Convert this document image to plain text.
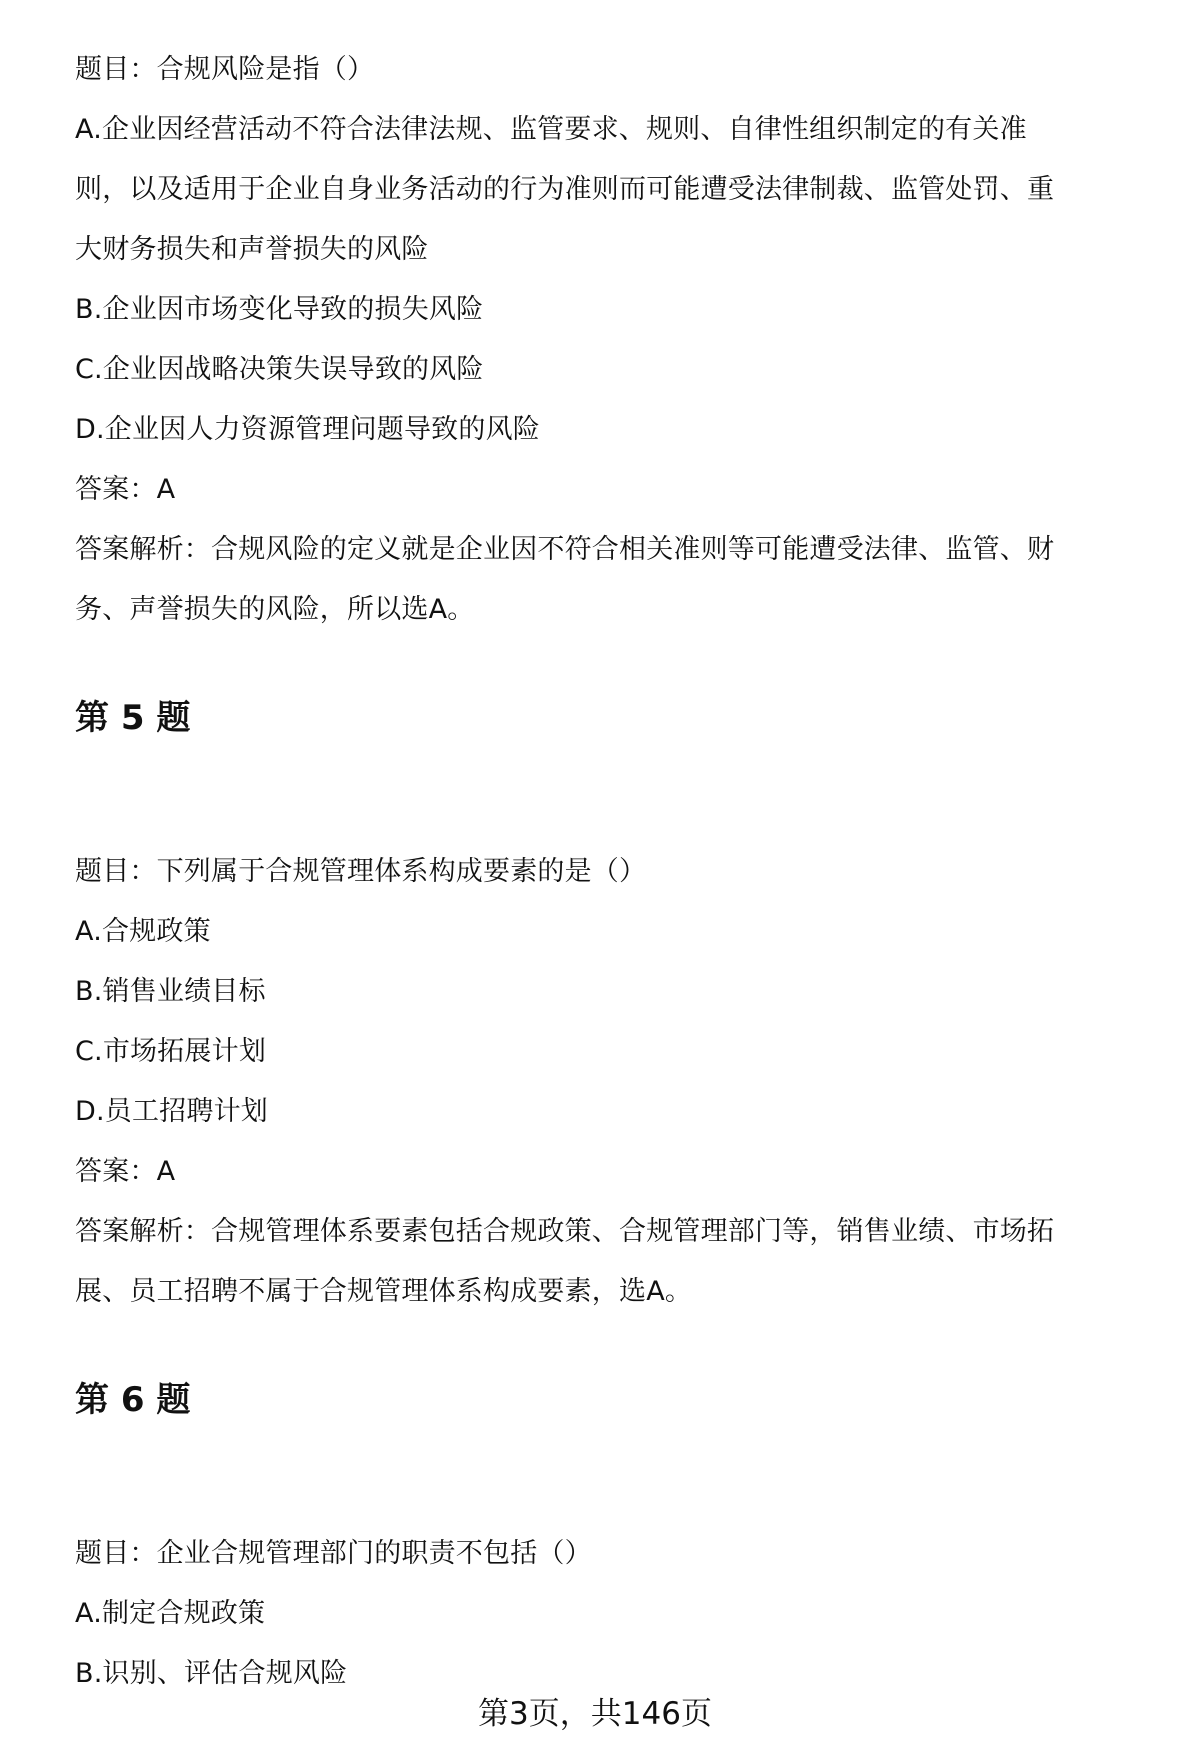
题目：合规风险是指（）
A.企业因经营活动不符合法律法规、监管要求、规则、自律性组织制定的有关准
则，以及适用于企业自身业务活动的行为准则而可能遭受法律制裁、监管处罚、重
大财务损失和声誉损失的风险
B.企业因市场变化导致的损失风险
C.企业因战略决策失误导致的风险
D.企业因人力资源管理问题导致的风险
答案：A
答案解析：合规风险的定义就是企业因不符合相关准则等可能遭受法律、监管、财
务、声誉损失的风险，所以选A。
第 5 题
题目：下列属于合规管理体系构成要素的是（）
A.合规政策
B.销售业绩目标
C.市场拓展计划
D.员工招聘计划
答案：A
答案解析：合规管理体系要素包括合规政策、合规管理部门等，销售业绩、市场拓
展、员工招聘不属于合规管理体系构成要素，选A。
第 6 题
题目：企业合规管理部门的职责不包括（）
A.制定合规政策
B.识别、评估合规风险
第3页，共146页
